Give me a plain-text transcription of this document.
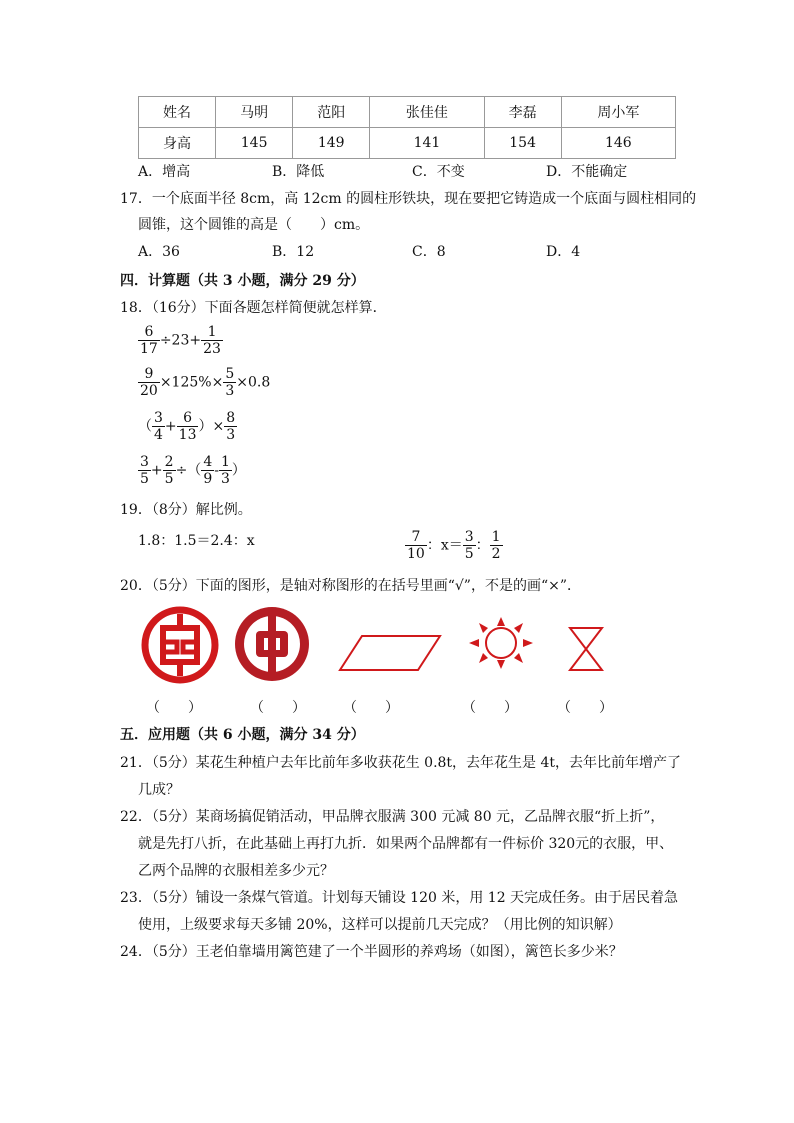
姓名	马明	范阳	张佳佳	李磊	周小军
身高	145	149	141	154	146
A．增高	B．降低	C．不变	D．不能确定
17．一个底面半径 8cm，高 12cm 的圆柱形铁块，现在要把它铸造成一个底面与圆柱相同的
圆锥，这个圆锥的高是（　　）cm。
A．36	B．12	C．8	D．4
四．计算题（共 3 小题，满分 29 分）
18．（16分）下面各题怎样简便就怎样算．
$\frac{6}{17} \div 23+ \frac{1}{23}$
$\frac{9}{20} \times 125\%\times \frac{5}{3} \times 0.8$
（ $\frac{3}{4} + \frac{6}{13}$ ）× $\frac{8}{3}$
$\frac{3}{5} + \frac{2}{5}$ ÷（ $\frac{4}{9} - \frac{1}{3}$ ）
19．（8分）解比例。
1.8：1.5＝2.4：x	$\frac{7}{10}$ ：$x= \frac{3}{5}$ ： $\frac{1}{2}$
20．（5分）下面的图形，是轴对称图形的在括号里画“√”，不是的画“×”．
（　　）	（　　）	（　　）	（　　）	（　　）
五．应用题（共 6 小题，满分 34 分）
21．（5分）某花生种植户去年比前年多收获花生 0.8t，去年花生是 4t，去年比前年增产了
几成？
22．（5分）某商场搞促销活动，甲品牌衣服满 300 元减 80 元，乙品牌衣服“折上折”，
就是先打八折，在此基础上再打九折．如果两个品牌都有一件标价 320元的衣服，甲、
乙两个品牌的衣服相差多少元？
23．（5分）铺设一条煤气管道。计划每天铺设 120 米，用 12 天完成任务。由于居民着急
使用，上级要求每天多铺 20%，这样可以提前几天完成？（用比例的知识解）
24．（5分）王老伯靠墙用篱笆建了一个半圆形的养鸡场（如图），篱笆长多少米？
